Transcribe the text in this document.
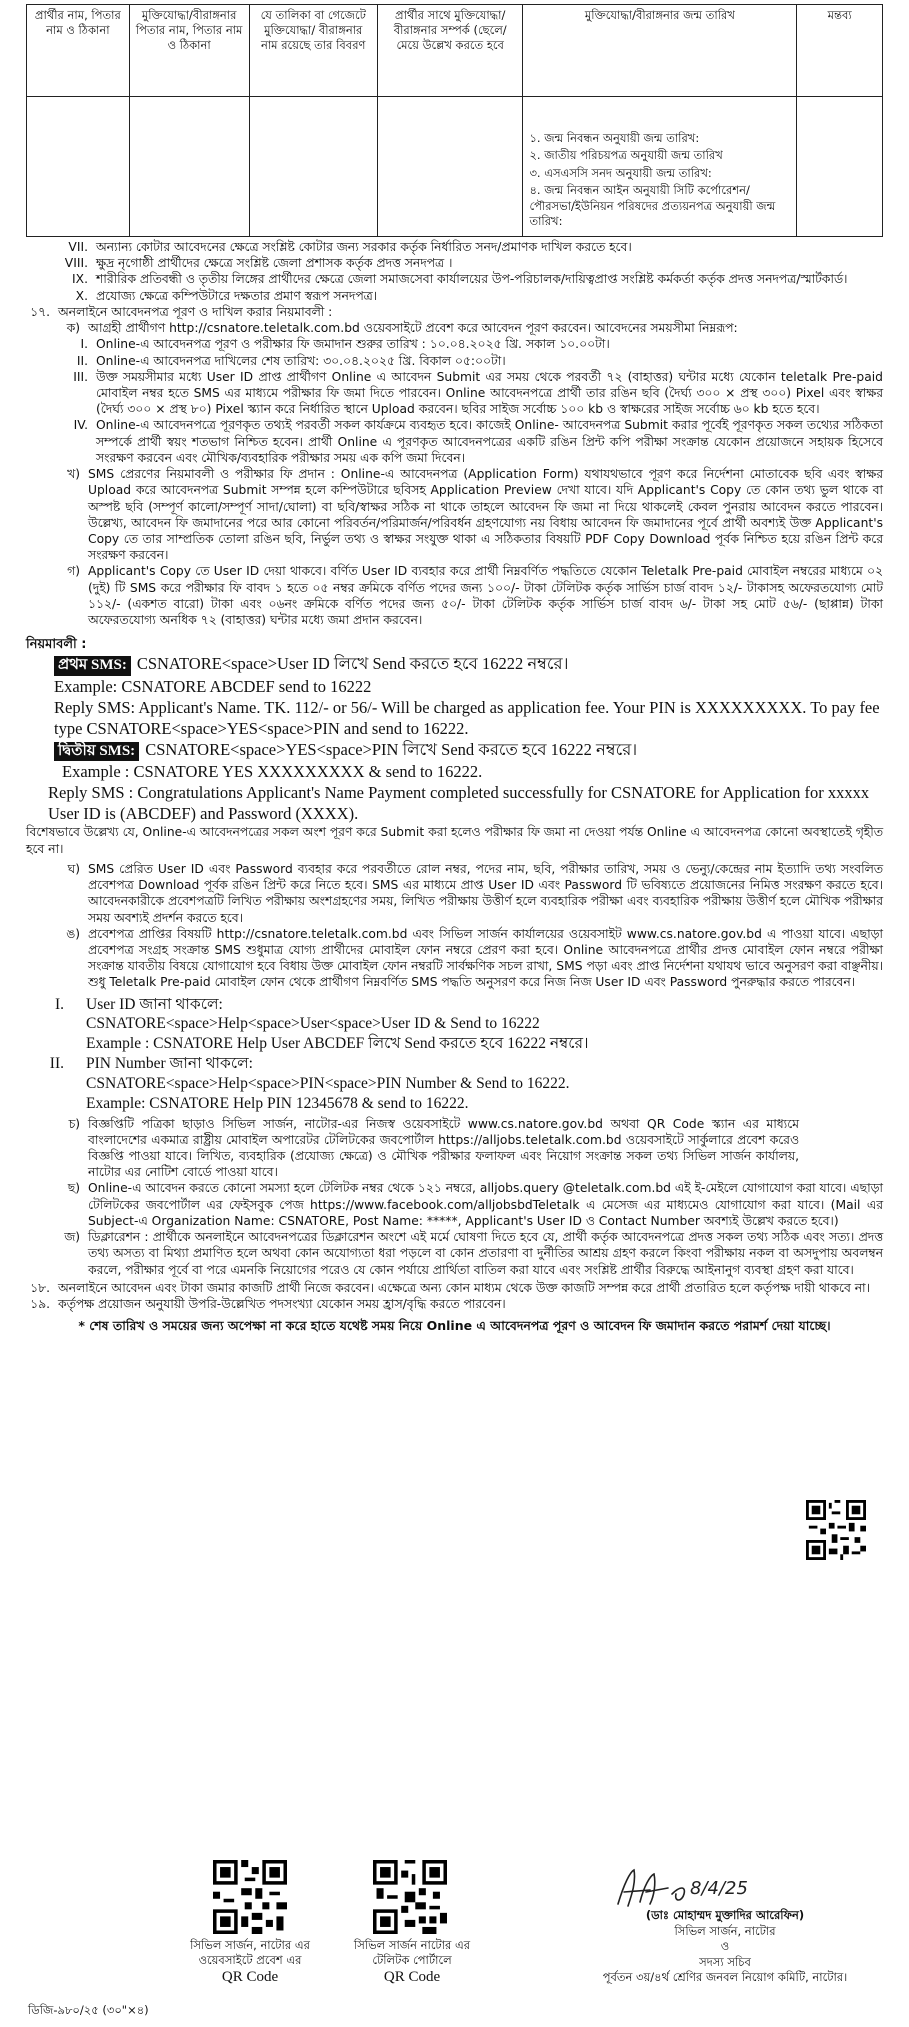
প্রার্থীর নাম, পিতার নাম ও ঠিকানা	মুক্তিযোদ্ধা/বীরাঙ্গনার পিতার নাম, পিতার নাম ও ঠিকানা	যে তালিকা বা গেজেটে মুক্তিযোদ্ধা/ বীরাঙ্গনার নাম রয়েছে তার বিবরণ	প্রার্থীর সাথে মুক্তিযোদ্ধা/ বীরাঙ্গনার সম্পর্ক (ছেলে/মেয়ে উল্লেখ করতে হবে	মুক্তিযোদ্ধা/বীরাঙ্গনার জন্ম তারিখ	মন্তব্য

				১. জন্ম নিবন্ধন অনুযায়ী জন্ম তারিখ:
২. জাতীয় পরিচয়পত্র অনুযায়ী জন্ম তারিখ
৩. এসএসসি সনদ অনুযায়ী জন্ম তারিখ:
৪. জন্ম নিবন্ধন আইন অনুযায়ী সিটি কর্পোরেশন/পৌরসভা/ইউনিয়ন পরিষদের প্রত্যয়নপত্র অনুযায়ী জন্ম তারিখ:	

VII. অন্যান্য কোটার আবেদনের ক্ষেত্রে সংশ্লিষ্ট কোটার জন্য সরকার কর্তৃক নির্ধারিত সনদ/প্রমাণক দাখিল করতে হবে।
VIII. ক্ষুদ্র নৃগোষ্ঠী প্রার্থীদের ক্ষেত্রে সংশ্লিষ্ট জেলা প্রশাসক কর্তৃক প্রদত্ত সনদপত্র ।
IX. শারীরিক প্রতিবন্ধী ও তৃতীয় লিঙ্গের প্রার্থীদের ক্ষেত্রে জেলা সমাজসেবা কার্যালয়ের উপ-পরিচালক/দায়িত্বপ্রাপ্ত সংশ্লিষ্ট কর্মকর্তা কর্তৃক প্রদত্ত সনদপত্র/স্মার্টকার্ড।
X. প্রযোজ্য ক্ষেত্রে কম্পিউটারে দক্ষতার প্রমাণ স্বরূপ সনদপত্র।
১৭. অনলাইনে আবেদনপত্র পূরণ ও দাখিল করার নিয়মাবলী :
ক) আগ্রহী প্রার্থীগণ http://csnatore.teletalk.com.bd ওয়েবসাইটে প্রবেশ করে আবেদন পূরণ করবেন। আবেদনের সময়সীমা নিম্নরূপ:
I. Online-এ আবেদনপত্র পূরণ ও পরীক্ষার ফি জমাদান শুরুর তারিখ : ১০.০৪.২০২৫ খ্রি. সকাল ১০.০০টা।
II. Online-এ আবেদনপত্র দাখিলের শেষ তারিখ: ৩০.০৪.২০২৫ খ্রি. বিকাল ০৫:০০টা।
III. উক্ত সময়সীমার মধ্যে User ID প্রাপ্ত প্রার্থীগণ Online এ আবেদন Submit এর সময় থেকে পরবর্তী ৭২ (বাহাত্তর) ঘন্টার মধ্যে যেকোন teletalk Pre-paid মোবাইল নম্বর হতে SMS এর মাধ্যমে পরীক্ষার ফি জমা দিতে পারবেন। Online আবেদনপত্রে প্রার্থী তার রঙিন ছবি (দৈর্ঘ্য ৩০০ × প্রস্থ ৩০০) Pixel এবং স্বাক্ষর (দৈর্ঘ্য ৩০০ × প্রস্থ ৮০) Pixel স্ক্যান করে নির্ধারিত স্থানে Upload করবেন। ছবির সাইজ সর্বোচ্চ ১০০ kb ও স্বাক্ষরের সাইজ সর্বোচ্চ ৬০ kb হতে হবে।
IV. Online-এ আবেদনপত্রে পূরণকৃত তথ্যই পরবর্তী সকল কার্যক্রমে ব্যবহৃত হবে। কাজেই Online- আবেদনপত্র Submit করার পূর্বেই পূরণকৃত সকল তথ্যের সঠিকতা সম্পর্কে প্রার্থী স্বয়ং শতভাগ নিশ্চিত হবেন। প্রার্থী Online এ পূরণকৃত আবেদনপত্রের একটি রঙিন প্রিন্ট কপি পরীক্ষা সংক্রান্ত যেকোন প্রয়োজনে সহায়ক হিসেবে সংরক্ষণ করবেন এবং মৌখিক/ব্যবহারিক পরীক্ষার সময় এক কপি জমা দিবেন।
খ) SMS প্রেরণের নিয়মাবলী ও পরীক্ষার ফি প্রদান : Online-এ আবেদনপত্র (Application Form) যথাযথভাবে পূরণ করে নির্দেশনা মোতাবেক ছবি এবং স্বাক্ষর Upload করে আবেদনপত্র Submit সম্পন্ন হলে কম্পিউটারে ছবিসহ Application Preview দেখা যাবে। যদি Applicant's Copy তে কোন তথ্য ভুল থাকে বা অস্পষ্ট ছবি (সম্পূর্ণ কালো/সম্পূর্ণ সাদা/ঘোলা) বা ছবি/স্বাক্ষর সঠিক না থাকে তাহলে আবেদন ফি জমা না দিয়ে থাকলেই কেবল পুনরায় আবেদন করতে পারবেন। উল্লেখ্য, আবেদন ফি জমাদানের পরে আর কোনো পরিবর্তন/পরিমার্জন/পরিবর্ধন গ্রহণযোগ্য নয় বিধায় আবেদন ফি জমাদানের পূর্বে প্রার্থী অবশ্যই উক্ত Applicant's Copy তে তার সাম্প্রতিক তোলা রঙিন ছবি, নির্ভুল তথ্য ও স্বাক্ষর সংযুক্ত থাকা এ সঠিকতার বিষয়টি PDF Copy Download পূর্বক নিশ্চিত হয়ে রঙিন প্রিন্ট করে সংরক্ষণ করবেন।
গ) Applicant's Copy তে User ID দেয়া থাকবে। বর্ণিত User ID ব্যবহার করে প্রার্থী নিম্নবর্ণিত পদ্ধতিতে যেকোন Teletalk Pre-paid মোবাইল নম্বরের মাধ্যমে ০২ (দুই) টি SMS করে পরীক্ষার ফি বাবদ ১ হতে ০৫ নম্বর ক্রমিকে বর্ণিত পদের জন্য ১০০/- টাকা টেলিটক কর্তৃক সার্ভিস চার্জ বাবদ ১২/- টাকাসহ অফেরতযোগ্য মোট ১১২/- (একশত বারো) টাকা এবং ০৬নং ক্রমিকে বর্ণিত পদের জন্য ৫০/- টাকা টেলিটক কর্তৃক সার্ভিস চার্জ বাবদ ৬/- টাকা সহ মোট ৫৬/- (ছাপ্পান্ন) টাকা অফেরতযোগ্য অনধিক ৭২ (বাহাত্তর) ঘন্টার মধ্যে জমা প্রদান করবেন।
নিয়মাবলী :
প্রথম SMS: CSNATORE<space>User ID লিখে Send করতে হবে 16222 নম্বরে।
Example: CSNATORE ABCDEF send to 16222
Reply SMS: Applicant's Name. TK. 112/- or 56/- Will be charged as application fee. Your PIN is XXXXXXXXX. To pay fee type CSNATORE<space>YES<space>PIN and send to 16222.
দ্বিতীয় SMS: CSNATORE<space>YES<space>PIN লিখে Send করতে হবে 16222 নম্বরে।
Example : CSNATORE YES XXXXXXXXX & send to 16222.
Reply SMS : Congratulations Applicant's Name Payment completed successfully for CSNATORE for Application for xxxxx User ID is (ABCDEF) and Password (XXXX).
বিশেষভাবে উল্লেখ্য যে, Online-এ আবেদনপত্রের সকল অংশ পূরণ করে Submit করা হলেও পরীক্ষার ফি জমা না দেওয়া পর্যন্ত Online এ আবেদনপত্র কোনো অবস্থাতেই গৃহীত হবে না।
ঘ) SMS প্রেরিত User ID এবং Password ব্যবহার করে পরবর্তীতে রোল নম্বর, পদের নাম, ছবি, পরীক্ষার তারিখ, সময় ও ভেন্যু/কেন্দ্রের নাম ইত্যাদি তথ্য সংবলিত প্রবেশপত্র Download পূর্বক রঙিন প্রিন্ট করে নিতে হবে। SMS এর মাধ্যমে প্রাপ্ত User ID এবং Password টি ভবিষ্যতে প্রয়োজনের নিমিত্ত সংরক্ষণ করতে হবে। আবেদনকারীকে প্রবেশপত্রটি লিখিত পরীক্ষায় অংশগ্রহণের সময়, লিখিত পরীক্ষায় উত্তীর্ণ হলে ব্যবহারিক পরীক্ষা এবং ব্যবহারিক পরীক্ষায় উত্তীর্ণ হলে মৌখিক পরীক্ষার সময় অবশ্যই প্রদর্শন করতে হবে।
ঙ) প্রবেশপত্র প্রাপ্তির বিষয়টি http://csnatore.teletalk.com.bd এবং সিভিল সার্জন কার্যালয়ের ওয়েবসাইট www.cs.natore.gov.bd এ পাওয়া যাবে। এছাড়া প্রবেশপত্র সংগ্রহ সংক্রান্ত SMS শুধুমাত্র যোগ্য প্রার্থীদের মোবাইল ফোন নম্বরে প্রেরণ করা হবে। Online আবেদনপত্রে প্রার্থীর প্রদত্ত মোবাইল ফোন নম্বরে পরীক্ষা সংক্রান্ত যাবতীয় বিষয়ে যোগাযোগ হবে বিধায় উক্ত মোবাইল ফোন নম্বরটি সার্বক্ষণিক সচল রাখা, SMS পড়া এবং প্রাপ্ত নির্দেশনা যথাযথ ভাবে অনুসরণ করা বাঞ্ছনীয়। শুধু Teletalk Pre-paid মোবাইল ফোন থেকে প্রার্থীগণ নিম্নবর্ণিত SMS পদ্ধতি অনুসরণ করে নিজ নিজ User ID এবং Password পুনরুদ্ধার করতে পারবেন।
I.	User ID জানা থাকলে:
CSNATORE<space>Help<space>User<space>User ID & Send to 16222
Example : CSNATORE Help User ABCDEF লিখে Send করতে হবে 16222 নম্বরে।
II.	PIN Number জানা থাকলে:
CSNATORE<space>Help<space>PIN<space>PIN Number & Send to 16222.
Example: CSNATORE Help PIN 12345678 & send to 16222.
চ) বিজ্ঞপ্তিটি পত্রিকা ছাড়াও সিভিল সার্জন, নাটোর-এর নিজস্ব ওয়েবসাইটে www.cs.natore.gov.bd অথবা QR Code স্ক্যান এর মাধ্যমে বাংলাদেশের একমাত্র রাষ্ট্রীয় মোবাইল অপারেটর টেলিটকের জবপোর্টাল https://alljobs.teletalk.com.bd ওয়েবসাইটে সার্কুলারে প্রবেশ করেও বিজ্ঞপ্তি পাওয়া যাবে। লিখিত, ব্যবহারিক (প্রযোজ্য ক্ষেত্রে) ও মৌখিক পরীক্ষার ফলাফল এবং নিয়োগ সংক্রান্ত সকল তথ্য সিভিল সার্জন কার্যালয়, নাটোর এর নোটিশ বোর্ডে পাওয়া যাবে।
ছ) Online-এ আবেদন করতে কোনো সমস্যা হলে টেলিটক নম্বর থেকে ১২১ নম্বরে, alljobs.query @teletalk.com.bd এই ই-মেইলে যোগাযোগ করা যাবে। এছাড়া টেলিটকের জবপোর্টাল এর ফেইসবুক পেজ https://www.facebook.com/alljobsbdTeletalk এ মেসেজ এর মাধ্যমেও যোগাযোগ করা যাবে। (Mail এর Subject-এ Organization Name: CSNATORE, Post Name: *****, Applicant's User ID ও Contact Number অবশ্যই উল্লেখ করতে হবে।)
জ) ডিক্লারেশন : প্রার্থীকে অনলাইনে আবেদনপত্রের ডিক্লারেশন অংশে এই মর্মে ঘোষণা দিতে হবে যে, প্রার্থী কর্তৃক আবেদনপত্রে প্রদত্ত সকল তথ্য সঠিক এবং সত্য। প্রদত্ত তথ্য অসত্য বা মিথ্যা প্রমাণিত হলে অথবা কোন অযোগ্যতা ধরা পড়লে বা কোন প্রতারণা বা দুর্নীতির আশ্রয় গ্রহণ করলে কিংবা পরীক্ষায় নকল বা অসদুপায় অবলম্বন করলে, পরীক্ষার পূর্বে বা পরে এমনকি নিয়োগের পরেও যে কোন পর্যায়ে প্রার্থিতা বাতিল করা যাবে এবং সংশ্লিষ্ট প্রার্থীর বিরুদ্ধে আইনানুগ ব্যবস্থা গ্রহণ করা যাবে।
১৮. অনলাইনে আবেদন এবং টাকা জমার কাজটি প্রার্থী নিজে করবেন। এক্ষেত্রে অন্য কোন মাধ্যম থেকে উক্ত কাজটি সম্পন্ন করে প্রার্থী প্রতারিত হলে কর্তৃপক্ষ দায়ী থাকবে না।
১৯. কর্তৃপক্ষ প্রয়োজন অনুযায়ী উপরি-উল্লেখিত পদসংখ্যা যেকোন সময় হ্রাস/বৃদ্ধি করতে পারবেন।
* শেষ তারিখ ও সময়ের জন্য অপেক্ষা না করে হাতে যথেষ্ট সময় নিয়ে Online এ আবেদনপত্র পূরণ ও আবেদন ফি জমাদান করতে পরামর্শ দেয়া যাচ্ছে।
সিভিল সার্জন, নাটোর এর ওয়েবসাইটে প্রবেশ এর
QR Code
সিভিল সার্জন নাটোর এর টেলিটক পোর্টালে
QR Code
8/4/25
(ডাঃ মোহাম্মদ মুক্তাদির আরেফিন)
সিভিল সার্জন, নাটোর
ও
সদস্য সচিব
পূর্বতন ৩য়/৪র্থ শ্রেণির জনবল নিয়োগ কমিটি, নাটোর।
ডিজি-৯৮০/২৫ (৩০"×৪)
